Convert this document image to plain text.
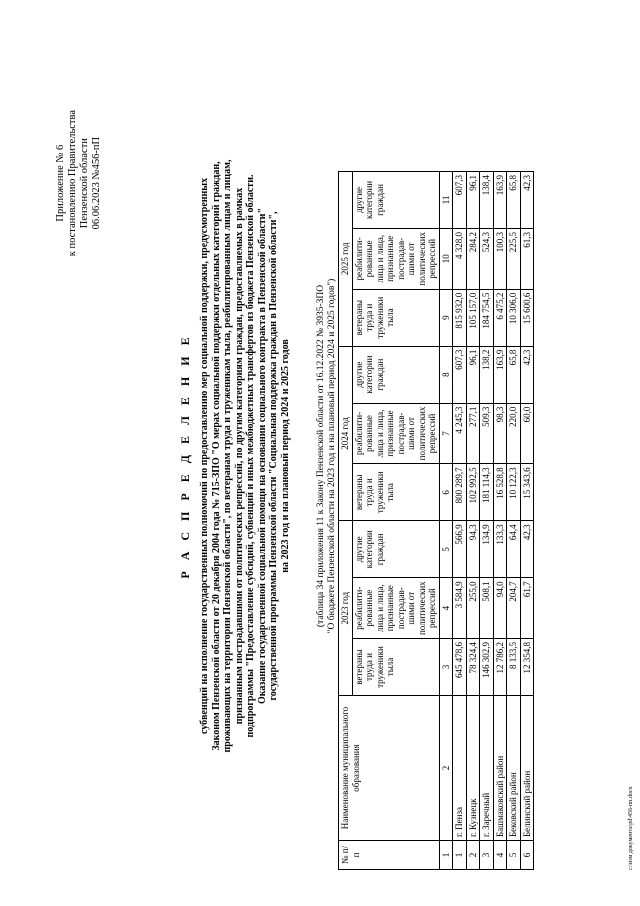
Приложение № 6 к постановлению Правительства Пензенской области 06.06.2023 №456-пП
Р А С П Р Е Д Е Л Е Н И Е субвенций на исполнение государственных полномочий по предоставлению мер социальной поддержки, предусмотренных Законом Пензенской области от 20 декабря 2004 года № 715-ЗПО "О мерах социальной поддержки отдельных категорий граждан, проживающих на территории Пензенской области", по ветеранам труда и труженикам тыла, реабилитированным лицам и лицам, признанным пострадавшими от политических репрессий, по другим категориям граждан, предоставляемых в рамках подпрограммы "Предоставление субсидий, субвенций и иных межбюджетных трансфертов из бюджета Пензенской области. Оказание государственной социальной помощи на основании социального контракта в Пензенской области" государственной программы Пензенской области "Социальная поддержка граждан в Пензенской области", на 2023 год и на плановый период 2024 и 2025 годов	(таблица 34 приложения 11 к Закону Пензенской области от 16.12.2022 № 3935-ЗПО "О бюджете Пензенской области на 2023 год и на плановый период 2024 и 2025 годов")
№ п/п	Наименование муниципального образования	2023 год			2024 год			2025 год		
		ветераны труда и труженики тыла	реабилити-рованные лица и лица, признанные пострадав-шими от политических репрессий	другие категории граждан	ветераны труда и труженики тыла	реабилити-рованные лица и лица, признанные пострадав-шими от политических репрессий	другие категории граждан	ветераны труда и труженики тыла	реабилити-рованные лица и лица, признанные пострадав-шими от политических репрессий	другие категории граждан
1	2	3	4	5	6	7	8	9	10	11
1	г. Пенза	645 478,6	3 584,9	566,9	800 289,7	4 245,3	607,3	815 932,0	4 328,0	607,3
2	г. Кузнецк	78 324,4	255,0	94,3	102 992,5	277,1	96,1	105 157,0	284,2	96,1
3	г. Заречный	146 302,9	508,1	134,9	181 114,3	509,3	138,2	184 754,5	524,3	138,4
4	Башмаковский район	12 786,2	94,0	133,3	16 528,8	98,3	163,9	6 475,2	100,3	163,9
5	Бековский район	8 133,5	204,7	64,4	10 122,3	220,0	65,8	10 306,0	225,5	65,8
6	Белинский район	12 354,8	61,7	42,3	15 343,6	60,0	42,3	15 600,6	61,3	42,3
c:\изм документа\pd\456-пп.docx
